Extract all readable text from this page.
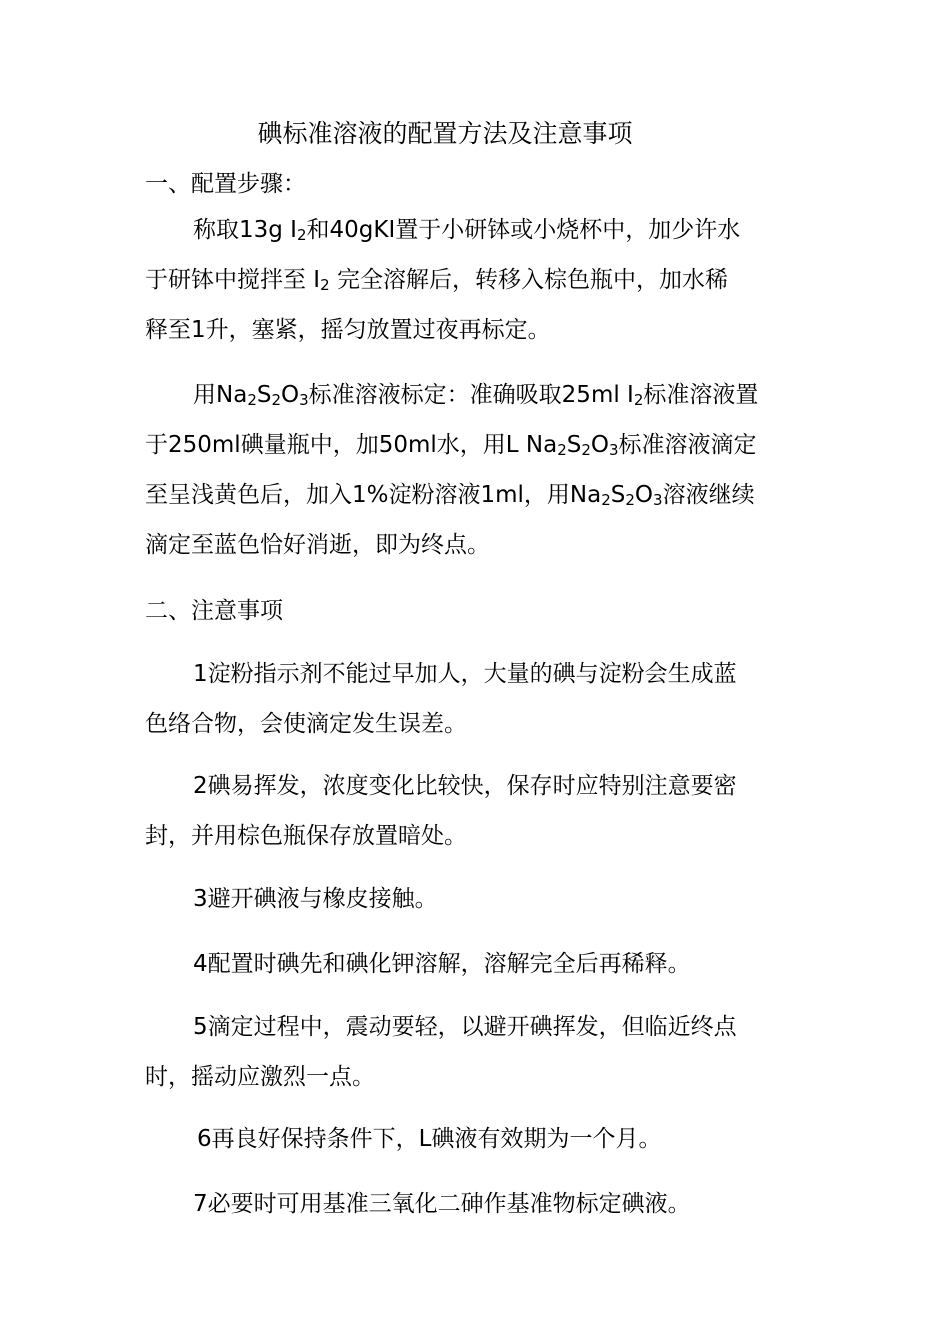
碘标准溶液的配置方法及注意事项
一、配置步骤：
称取13g $I_2$和40gKI置于小研钵或小烧杯中，加少许水
于研钵中搅拌至 $I_2$ 完全溶解后，转移入棕色瓶中，加水稀
释至1升，塞紧，摇匀放置过夜再标定。
用$Na_2S_2O_3$标准溶液标定：准确吸取25ml $I_2$标准溶液置
于250ml碘量瓶中，加50ml水，用L $Na_2S_2O_3$标准溶液滴定
至呈浅黄色后，加入1%淀粉溶液1ml，用$Na_2S_2O_3$溶液继续
滴定至蓝色恰好消逝，即为终点。
二、注意事项
1淀粉指示剂不能过早加人，大量的碘与淀粉会生成蓝
色络合物，会使滴定发生误差。
2碘易挥发，浓度变化比较快，保存时应特别注意要密
封，并用棕色瓶保存放置暗处。
3避开碘液与橡皮接触。
4配置时碘先和碘化钾溶解，溶解完全后再稀释。
5滴定过程中，震动要轻，以避开碘挥发，但临近终点
时，摇动应激烈一点。
6再良好保持条件下，L碘液有效期为一个月。
7必要时可用基准三氧化二砷作基准物标定碘液。
